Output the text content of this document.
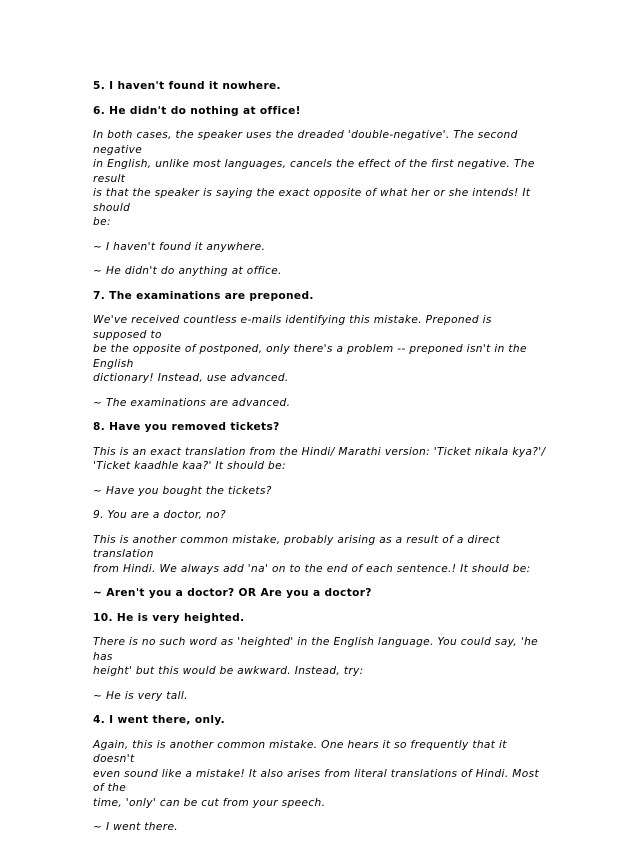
5. I haven't found it nowhere.

6. He didn't do nothing at office!

In both cases, the speaker uses the dreaded 'double-negative'. The second negative
in English, unlike most languages, cancels the effect of the first negative. The result
is that the speaker is saying the exact opposite of what her or she intends! It should
be:

~ I haven't found it anywhere.

~ He didn't do anything at office.

7. The examinations are preponed.

We've received countless e-mails identifying this mistake. Preponed is supposed to
be the opposite of postponed, only there's a problem -- preponed isn't in the English
dictionary! Instead, use advanced.

~ The examinations are advanced.

8. Have you removed tickets?

This is an exact translation from the Hindi/ Marathi version: 'Ticket nikala kya?'/
'Ticket kaadhle kaa?' It should be:

~ Have you bought the tickets?

9. You are a doctor, no?

This is another common mistake, probably arising as a result of a direct translation
from Hindi. We always add 'na' on to the end of each sentence.! It should be:

~ Aren't you a doctor? OR Are you a doctor?

10. He is very heighted.

There is no such word as 'heighted' in the English language. You could say, 'he has
height' but this would be awkward. Instead, try:

~ He is very tall.

4. I went there, only.

Again, this is another common mistake. One hears it so frequently that it doesn't
even sound like a mistake! It also arises from literal translations of Hindi. Most of the
time, 'only' can be cut from your speech.

~ I went there.
